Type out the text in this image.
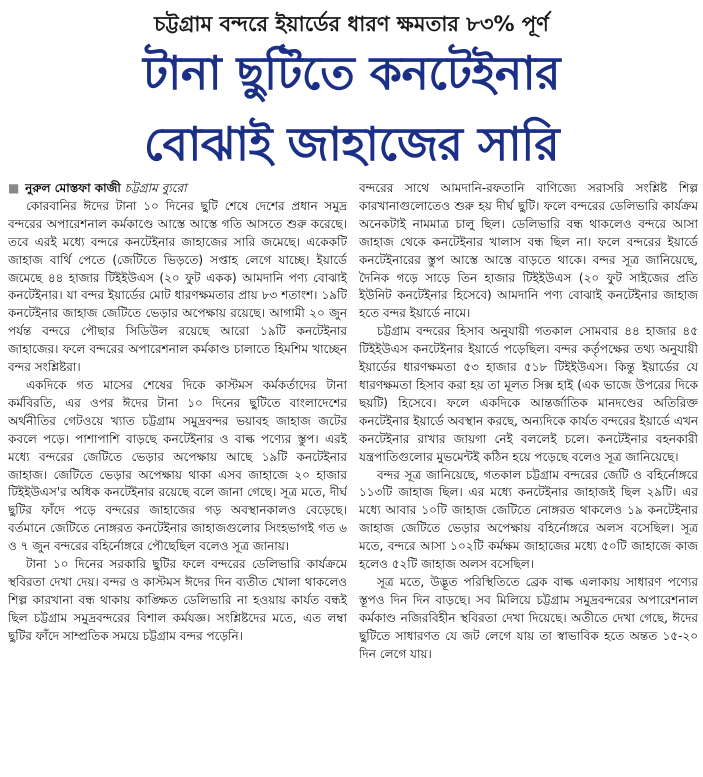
চট্টগ্রাম বন্দরে ইয়ার্ডের ধারণ ক্ষমতার ৮৩% পূর্ণ
টানা ছুটিতে কনটেইনার
বোঝাই জাহাজের সারি

■ নুরুল মোস্তফা কাজী চট্টগ্রাম ব্যুরো

কোরবানির ঈদের টানা ১০ দিনের ছুটি শেষে দেশের প্রধান সমুদ্র বন্দরের অপারেশনাল কর্মকাণ্ডে আস্তে আস্তে গতি আসতে শুরু করেছে। তবে এরই মধ্যে বন্দরে কনটেইনার জাহাজের সারি জমেছে। একেকটি জাহাজ বার্থি পেতে (জেটিতে ভিড়তে) সপ্তাহ লেগে যাচ্ছে। ইয়ার্ডে জমেছে ৪৪ হাজার টিইইউএস (২০ ফুট একক) আমদানি পণ্য বোঝাই কনটেইনার। যা বন্দর ইয়ার্ডের মোট ধারণক্ষমতার প্রায় ৮৩ শতাংশ। ১৯টি কনটেইনার জাহাজ জেটিতে ভেড়ার অপেক্ষায় রয়েছে। আগামী ২০ জুন পর্যন্ত বন্দরে পৌছার সিডিউল রয়েছে আরো ১৯টি কনটেইনার জাহাজের। ফলে বন্দরের অপারেশনাল কর্মকাণ্ড চালাতে হিমশিম খাচ্ছেন বন্দর সংশ্লিষ্টরা।

একদিকে গত মাসের শেষের দিকে কাস্টমস কর্মকর্তাদের টানা কর্মবিরতি, এর ওপর ঈদের টানা ১০ দিনের ছুটিতে বাংলাদেশের অর্থনীতির গেটওয়ে খ্যাত চট্টগ্রাম সমুদ্রবন্দর ভয়াবহ জাহাজ জটের কবলে পড়ে। পাশাপাশি বাড়ছে কনটেইনার ও বাল্ক পণ্যের স্তুপ। এরই মধ্যে বন্দরের জেটিতে ভেড়ার অপেক্ষায় আছে ১৯টি কনটেইনার জাহাজ। জেটিতে ভেড়ার অপেক্ষায় থাকা এসব জাহাজে ২০ হাজার টিইইউএস'র অধিক কনটেইনার রয়েছে বলে জানা গেছে। সূত্র মতে, দীর্ঘ ছুটির ফাঁদে পড়ে বন্দরের জাহাজের গড় অবস্থানকালও বেড়েছে। বর্তমানে জেটিতে নোঙ্গরত কনটেইনার জাহাজগুলোর সিংহভাগই গত ৬ ও ৭ জুন বন্দরের বহির্নোঙ্গরে পৌছেছিল বলেও সূত্র জানায়।

টানা ১০ দিনের সরকারি ছুটির ফলে বন্দরের ডেলিভারি কার্যক্রমে স্থবিরতা দেখা দেয়। বন্দর ও কাস্টমস ঈদের দিন ব্যতীত খোলা থাকলেও শিল্প কারখানা বন্ধ থাকায় কাঙ্ক্ষিত ডেলিভারি না হওয়ায় কার্যত বন্ধই ছিল চট্টগ্রাম সমুদ্রবন্দরের বিশাল কর্মযজ্ঞ। সংশ্লিষ্টদের মতে, এত লম্বা ছুটির ফাঁদে সাম্প্রতিক সময়ে চট্টগ্রাম বন্দর পড়েনি।

বন্দরের সাথে আমদানি-রফতানি বাণিজ্যে সরাসরি সংশ্লিষ্ট শিল্প কারখানাগুলোতেও শুরু হয় দীর্ঘ ছুটি। ফলে বন্দরের ডেলিভারি কার্যক্রম অনেকটাই নামমাত্র চালু ছিল। ডেলিভারি বন্ধ থাকলেও বন্দরে আসা জাহাজ থেকে কনটেইনার খালাস বন্ধ ছিল না। ফলে বন্দরের ইয়ার্ডে কনটেইনারের স্তুপ আস্তে আস্তে বাড়তে থাকে। বন্দর সূত্র জানিয়েছে, দৈনিক গড়ে সাড়ে তিন হাজার টিইইউএস (২০ ফুট সাইজের প্রতি ইউনিট কনটেইনার হিসেবে) আমদানি পণ্য বোঝাই কনটেইনার জাহাজ হতে বন্দর ইয়ার্ডে নামে।

চট্টগ্রাম বন্দরের হিসাব অনুযায়ী গতকাল সোমবার ৪৪ হাজার ৪৫ টিইইউএস কনটেইনার ইয়ার্ডে পড়েছিল। বন্দর কর্তৃপক্ষের তথ্য অনুযায়ী ইয়ার্ডের ধারণক্ষমতা ৫৩ হাজার ৫১৮ টিইইউএস। কিন্তু ইয়ার্ডের যে ধারণক্ষমতা হিসাব করা হয় তা মূলত সিক্স হাই (এক ভাজে উপরের দিকে ছয়টি) হিসেবে। ফলে একদিকে আন্তর্জাতিক মানদণ্ডের অতিরিক্ত কনটেইনার ইয়ার্ডে অবস্থান করছে, অন্যদিকে কার্যত বন্দরের ইয়ার্ডে এখন কনটেইনার রাখার জায়গা নেই বললেই চলে। কনটেইনার বহনকারী যন্ত্রপাতিগুলোর মুভমেন্টই কঠিন হয়ে পড়েছে বলেও সূত্র জানিয়েছে।

বন্দর সূত্র জানিয়েছে, গতকাল চট্টগ্রাম বন্দরের জেটি ও বহির্নোঙ্গরে ১১৩টি জাহাজ ছিল। এর মধ্যে কনটেইনার জাহাজই ছিল ২৯টি। এর মধ্যে আবার ১০টি জাহাজ জেটিতে নোঙ্গরত থাকলেও ১৯ কনটেইনার জাহাজ জেটিতে ভেড়ার অপেক্ষায় বহির্নোঙ্গরে অলস বসেছিল। সূত্র মতে, বন্দরে আসা ১০২টি কর্মক্ষম জাহাজের মধ্যে ৫০টি জাহাজে কাজ হলেও ৫২টি জাহাজ অলস বসেছিল।

সূত্র মতে, উদ্ভূত পরিস্থিতিতে ব্রেক বাল্ক এলাকায় সাধারণ পণ্যের স্তূপও দিন দিন বাড়ছে। সব মিলিয়ে চট্টগ্রাম সমুদ্রবন্দরের অপারেশনাল কর্মকাণ্ড নজিরবিহীন স্থবিরতা দেখা দিয়েছে। অতীতে দেখা গেছে, ঈদের ছুটিতে সাধারণত যে জট লেগে যায় তা স্বাভাবিক হতে অন্তত ১৫-২০ দিন লেগে যায়।
